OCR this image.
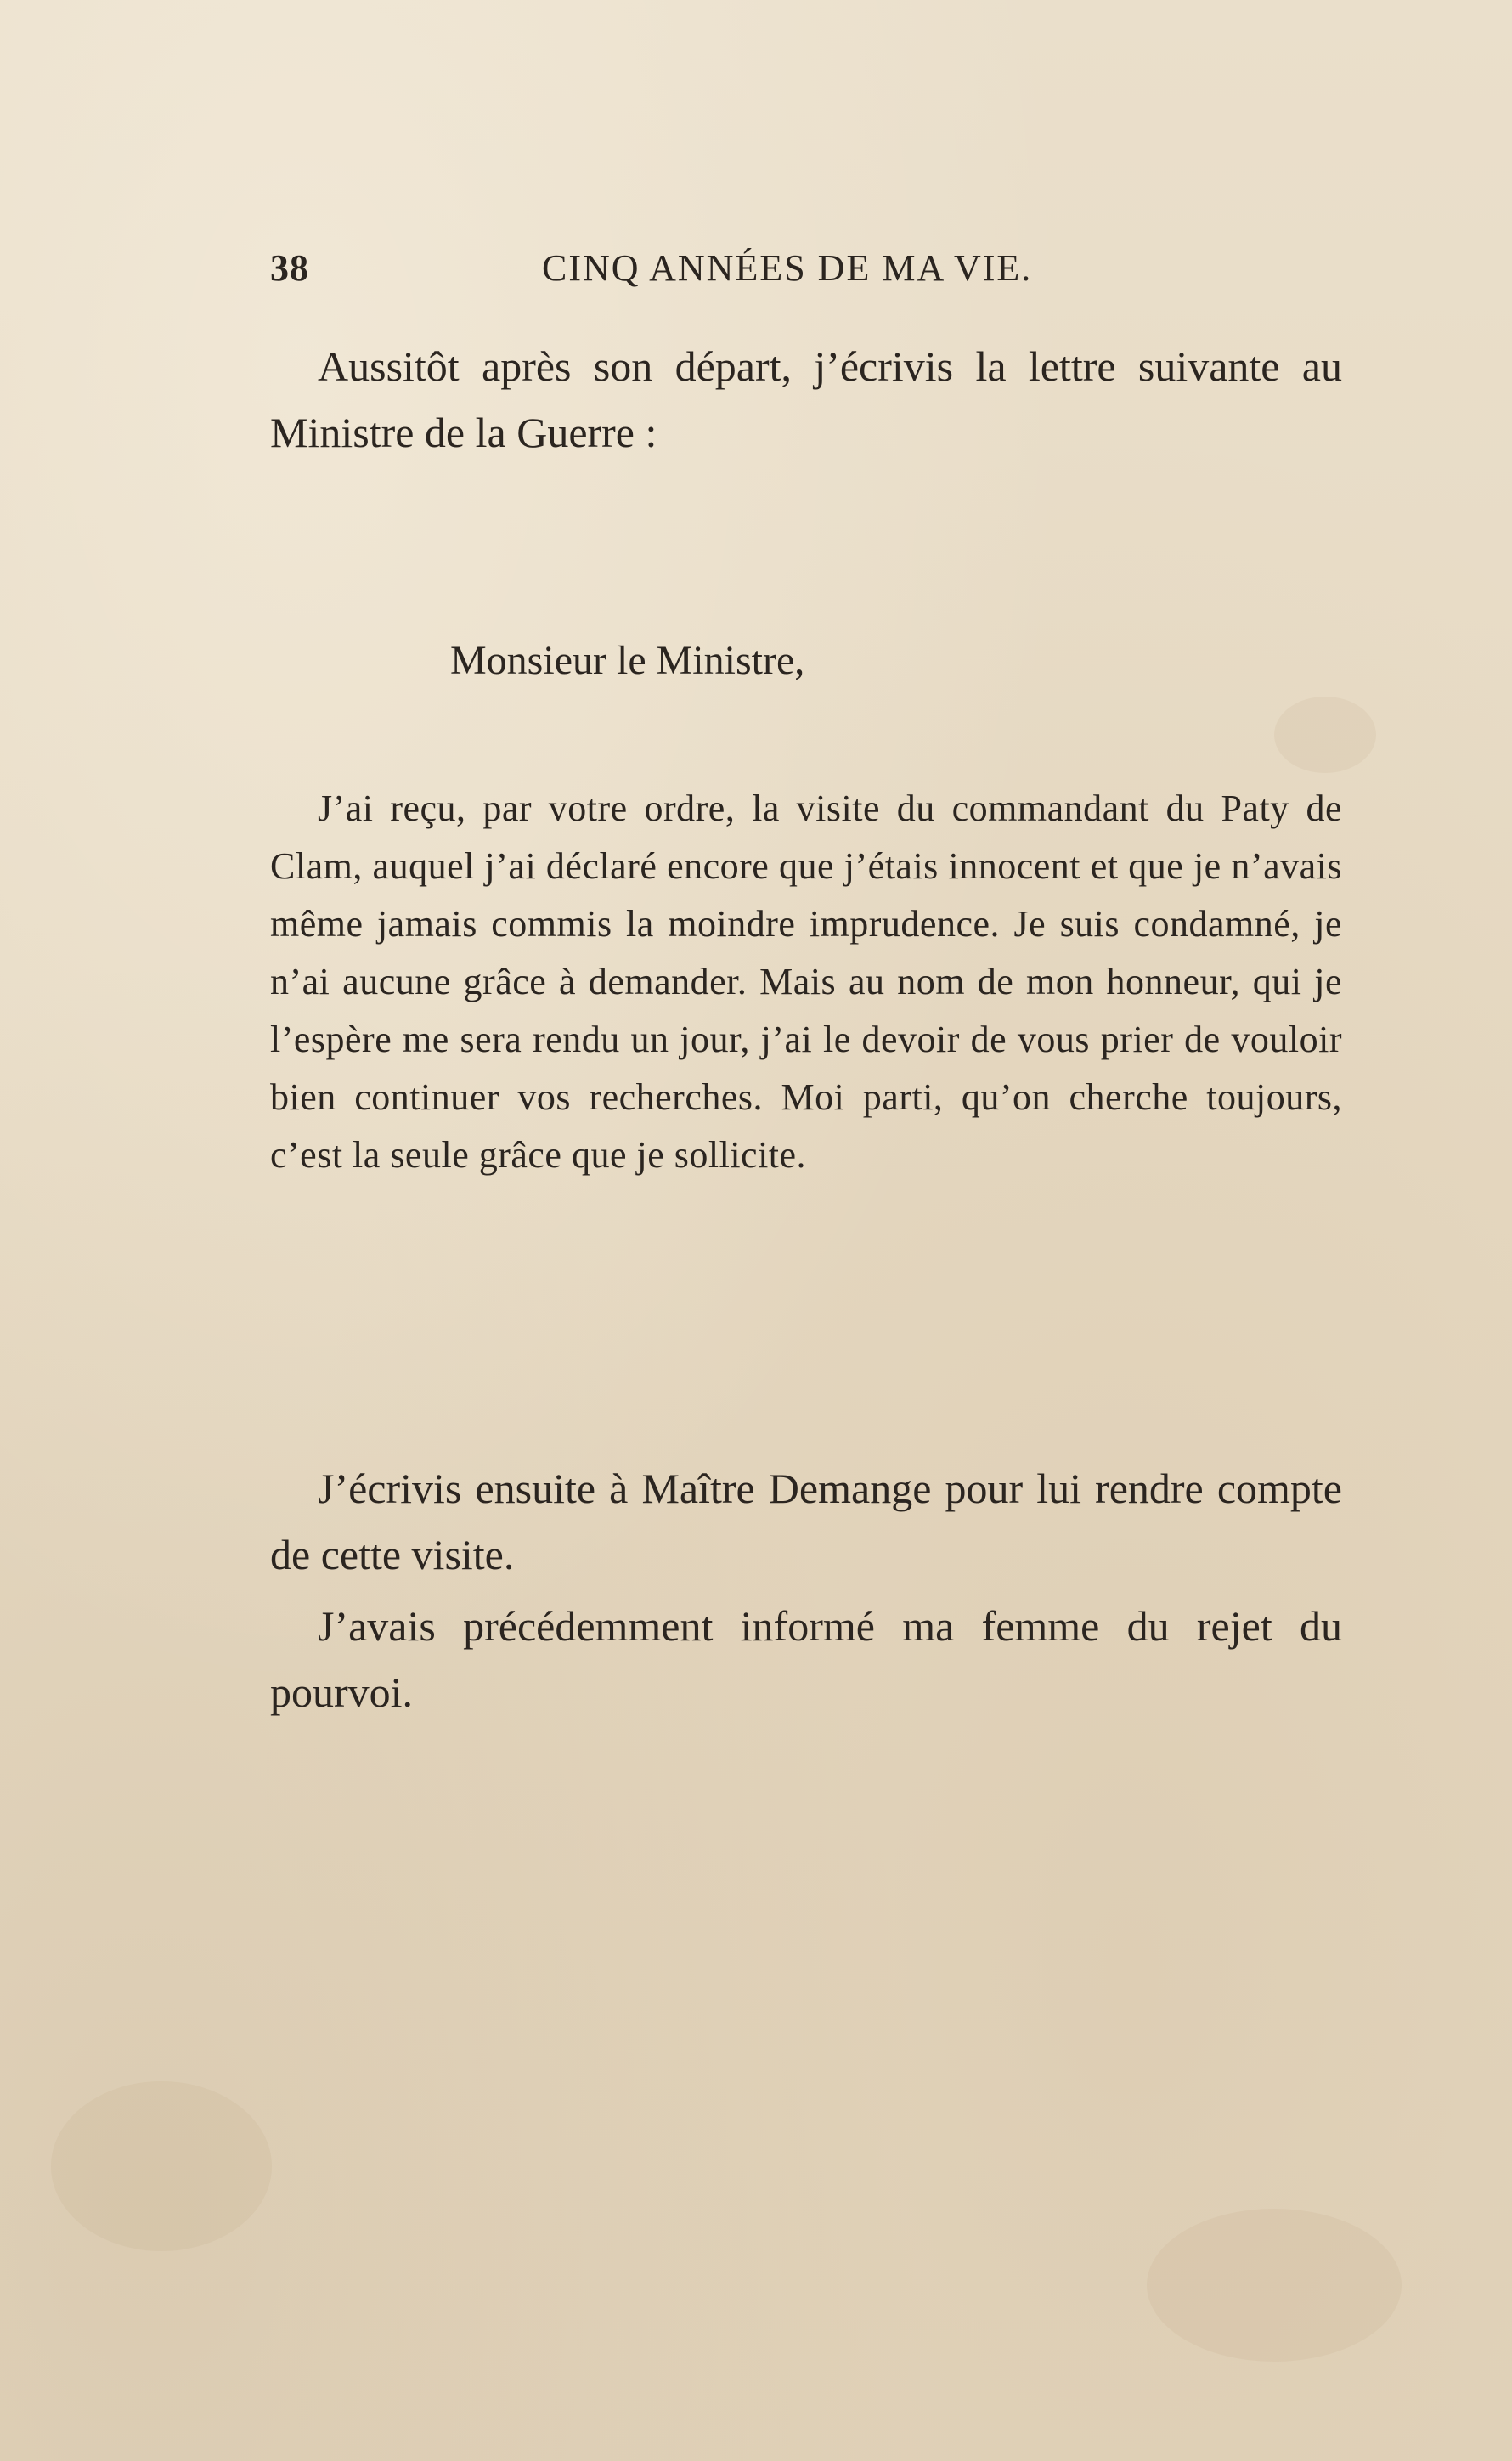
38	CINQ ANNÉES DE MA VIE.

Aussitôt après son départ, j’écrivis la lettre suivante au Ministre de la Guerre :

Monsieur le Ministre,

J’ai reçu, par votre ordre, la visite du commandant du Paty de Clam, auquel j’ai déclaré encore que j’étais innocent et que je n’avais même jamais commis la moindre imprudence. Je suis condamné, je n’ai aucune grâce à demander. Mais au nom de mon honneur, qui je l’espère me sera rendu un jour, j’ai le devoir de vous prier de vouloir bien continuer vos recherches. Moi parti, qu’on cherche toujours, c’est la seule grâce que je sollicite.

J’écrivis ensuite à Maître Demange pour lui rendre compte de cette visite.

J’avais précédemment informé ma femme du rejet du pourvoi.
